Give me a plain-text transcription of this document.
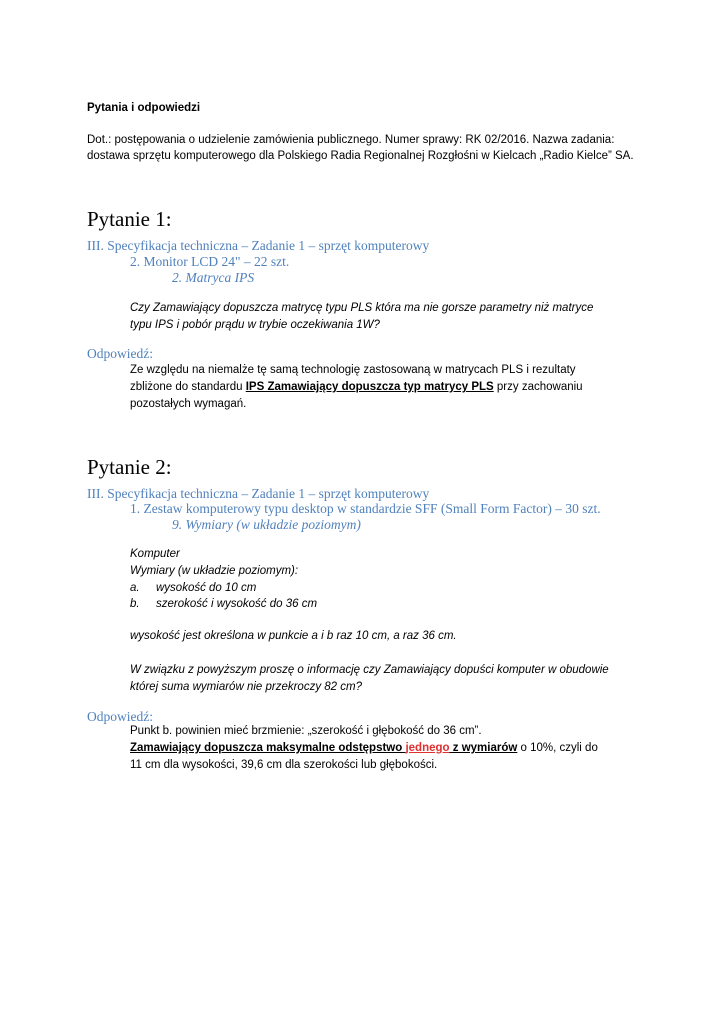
Pytania i odpowiedzi
Dot.: postępowania o udzielenie zamówienia publicznego. Numer sprawy: RK 02/2016. Nazwa zadania:
dostawa sprzętu komputerowego dla Polskiego Radia Regionalnej Rozgłośni w Kielcach „Radio Kielce” SA.
Pytanie 1:
III. Specyfikacja techniczna – Zadanie 1 – sprzęt komputerowy
2. Monitor LCD 24" – 22 szt.
2. Matryca IPS
Czy Zamawiający dopuszcza matrycę typu PLS która ma nie gorsze parametry niż matryce
typu IPS i pobór prądu w trybie oczekiwania 1W?
Odpowiedź:
Ze względu na niemalże tę samą technologię zastosowaną w matrycach PLS i rezultaty
zbliżone do standardu IPS Zamawiający dopuszcza typ matrycy PLS przy zachowaniu
pozostałych wymagań.
Pytanie 2:
III. Specyfikacja techniczna – Zadanie 1 – sprzęt komputerowy
1. Zestaw komputerowy typu desktop w standardzie SFF (Small Form Factor) – 30 szt.
9. Wymiary (w układzie poziomym)
Komputer
Wymiary (w układzie poziomym):
a. wysokość do 10 cm
b. szerokość i wysokość do 36 cm
wysokość jest określona w punkcie a i b raz 10 cm, a raz 36 cm.
W związku z powyższym proszę o informację czy Zamawiający dopuści komputer w obudowie
której suma wymiarów nie przekroczy 82 cm?
Odpowiedź:
Punkt b. powinien mieć brzmienie: „szerokość i głębokość do 36 cm”.
Zamawiający dopuszcza maksymalne odstępstwo jednego z wymiarów o 10%, czyli do
11 cm dla wysokości, 39,6 cm dla szerokości lub głębokości.
